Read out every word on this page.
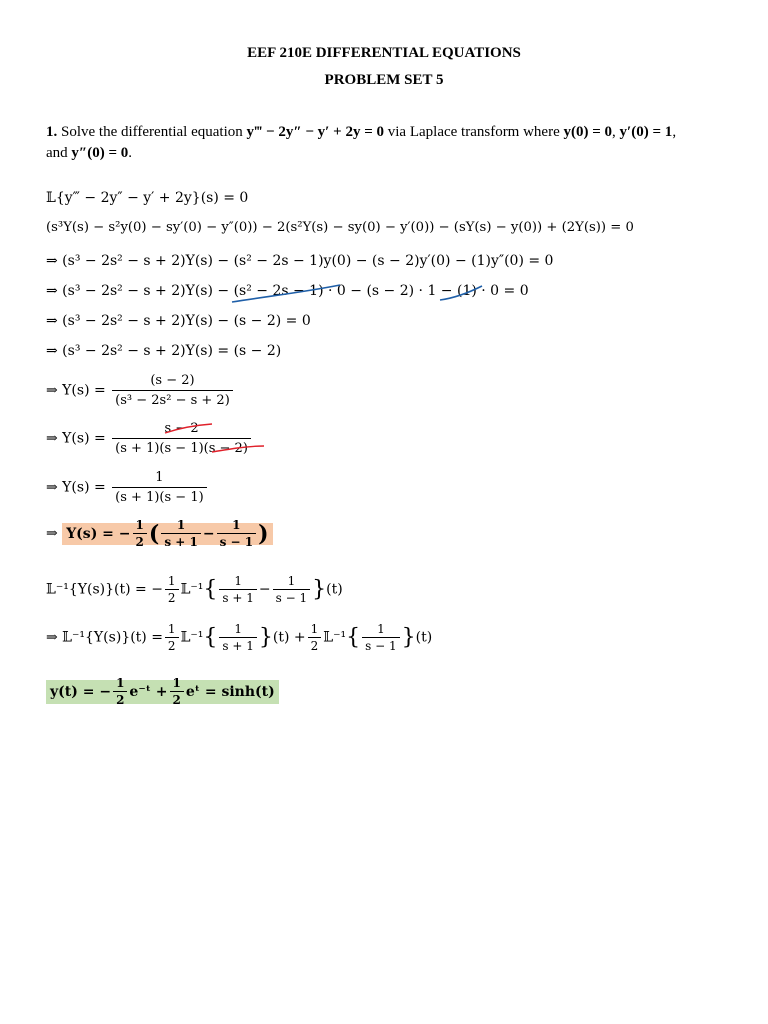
EEF 210E DIFFERENTIAL EQUATIONS
PROBLEM SET 5
1. Solve the differential equation y‴ − 2y″ − y′ + 2y = 0 via Laplace transform where y(0) = 0, y′(0) = 1,
and y″(0) = 0.
𝕃{y‴ − 2y″ − y′ + 2y}(s) = 0
(s³Y(s) − s²y(0) − sy′(0) − y″(0)) − 2(s²Y(s) − sy(0) − y′(0)) − (sY(s) − y(0)) + (2Y(s)) = 0
⇒ (s³ − 2s² − s + 2)Y(s) − (s² − 2s − 1)y(0) − (s − 2)y′(0) − (1)y″(0) = 0
⇒ (s³ − 2s² − s + 2)Y(s) − (s² − 2s − 1) · 0 − (s − 2) · 1 − (1) · 0 = 0
⇒ (s³ − 2s² − s + 2)Y(s) − (s − 2) = 0
⇒ (s³ − 2s² − s + 2)Y(s) = (s − 2)
⇒ $Y(s) = \frac{(s - 2)}{\text{(s³ − 2s² − s + 2)}}$
⇒ $Y(s) = \frac{s - 2}{(s + 1)(s - 1)(s - 2)}$
⇒ $Y(s) = \frac{1}{(s + 1)(s - 1)}$
⇒ Y(s) = − $\frac{1}{2}$ ( $\frac{1}{s + 1} - \frac{1}{s - 1}$ )
𝕃⁻¹{Y(s)}(t) = − $\frac{1}{2}$ 𝕃⁻¹{ $\frac{1}{s + 1} - \frac{1}{s - 1} \}(t)$
⇒ 𝕃⁻¹{Y(s)}(t) = $\frac{1}{2}$ 𝕃⁻¹{ $\frac{1}{s + 1} \}(t) + \frac{1}{2}$ 𝕃⁻¹{ $\frac{1}{s - 1} \}(t)$
y(t) = − $\frac{1}{2}$ e⁻ᵗ + $\frac{1}{2}$ eᵗ = sinh(t)
